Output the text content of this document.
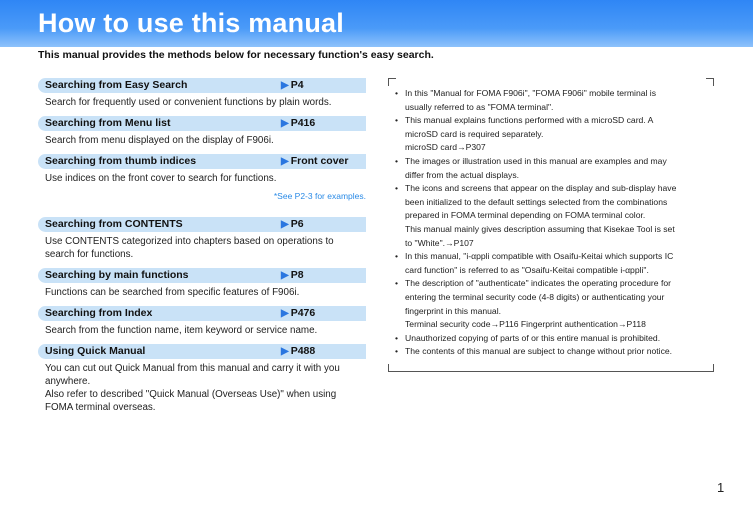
How to use this manual
This manual provides the methods below for necessary function's easy search.
Searching from Easy Search	▶ P4
Search for frequently used or convenient functions by plain words.
Searching from Menu list	▶ P416
Search from menu displayed on the display of F906i.
Searching from thumb indices	▶ Front cover
Use indices on the front cover to search for functions.
*See P2-3 for examples.
Searching from CONTENTS	▶ P6
Use CONTENTS categorized into chapters based on operations to
search for functions.
Searching by main functions	▶ P8
Functions can be searched from specific features of F906i.
Searching from Index	▶ P476
Search from the function name, item keyword or service name.
Using Quick Manual	▶ P488
You can cut out Quick Manual from this manual and carry it with you
anywhere.
Also refer to described "Quick Manual (Overseas Use)" when using
FOMA terminal overseas.
• In this "Manual for FOMA F906i", "FOMA F906i" mobile terminal is
usually referred to as "FOMA terminal".
• This manual explains functions performed with a microSD card. A
microSD card is required separately.
microSD card→P307
• The images or illustration used in this manual are examples and may
differ from the actual displays.
• The icons and screens that appear on the display and sub-display have
been initialized to the default settings selected from the combinations
prepared in FOMA terminal depending on FOMA terminal color.
This manual mainly gives description assuming that Kisekae Tool is set
to "White".→P107
• In this manual, "i-αppli compatible with Osaifu-Keitai which supports IC
card function" is referred to as "Osaifu-Keitai compatible i-αppli".
• The description of "authenticate" indicates the operating procedure for
entering the terminal security code (4-8 digits) or authenticating your
fingerprint in this manual.
Terminal security code→P116 Fingerprint authentication→P118
• Unauthorized copying of parts of or this entire manual is prohibited.
• The contents of this manual are subject to change without prior notice.
1
